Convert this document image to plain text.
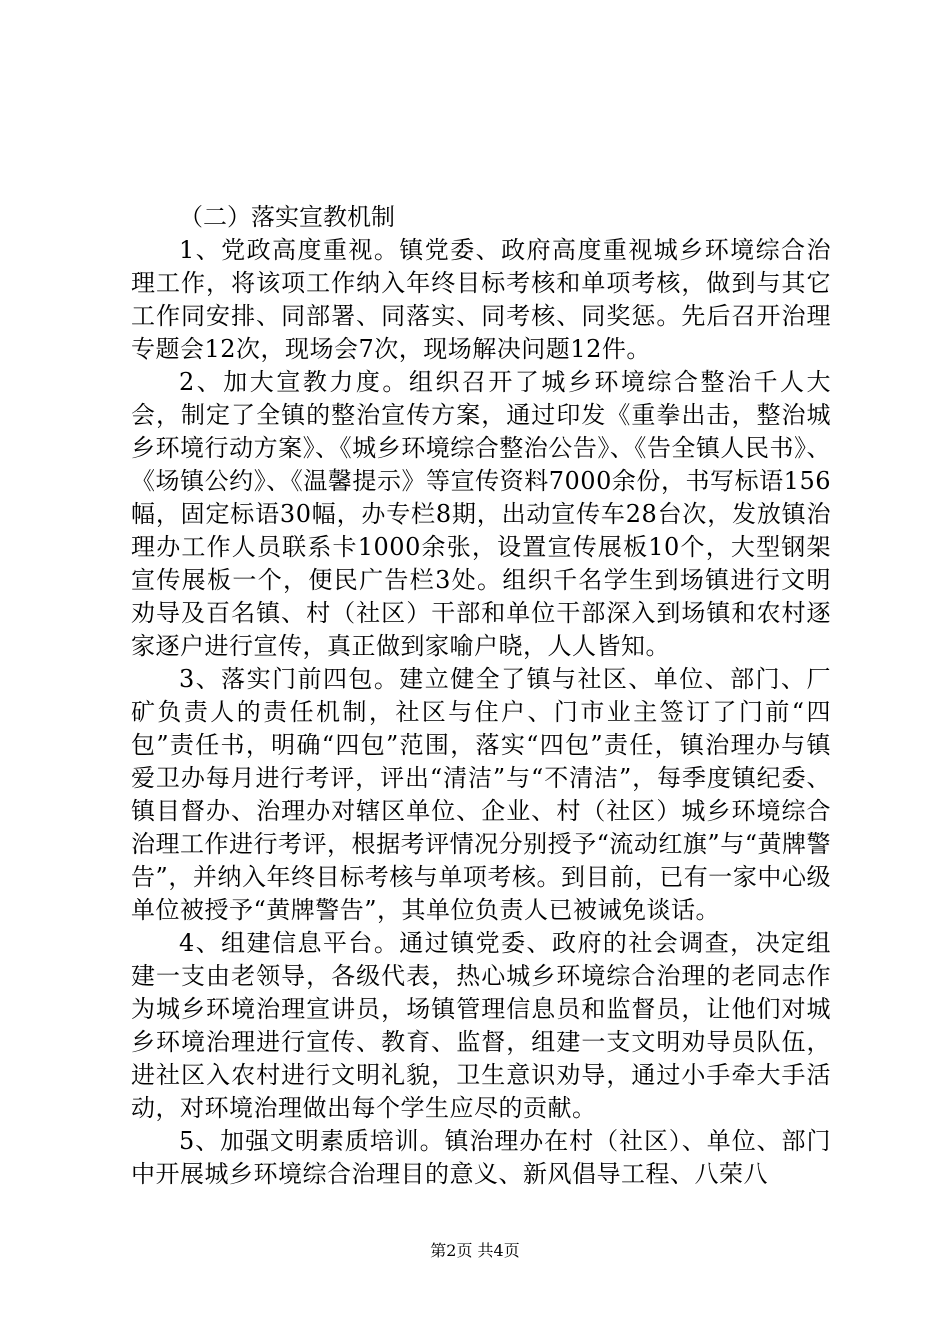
（二）落实宣教机制

1、党政高度重视。镇党委、政府高度重视城乡环境综合治理工作，将该项工作纳入年终目标考核和单项考核，做到与其它工作同安排、同部署、同落实、同考核、同奖惩。先后召开治理专题会12次，现场会7次，现场解决问题12件。

2、加大宣教力度。组织召开了城乡环境综合整治千人大会，制定了全镇的整治宣传方案，通过印发《重拳出击，整治城乡环境行动方案》、《城乡环境综合整治公告》、《告全镇人民书》、《场镇公约》、《温馨提示》等宣传资料7000余份，书写标语156幅，固定标语30幅，办专栏8期，出动宣传车28台次，发放镇治理办工作人员联系卡1000余张，设置宣传展板10个，大型钢架宣传展板一个，便民广告栏3处。组织千名学生到场镇进行文明劝导及百名镇、村（社区）干部和单位干部深入到场镇和农村逐家逐户进行宣传，真正做到家喻户晓，人人皆知。

3、落实门前四包。建立健全了镇与社区、单位、部门、厂矿负责人的责任机制，社区与住户、门市业主签订了门前“四包”责任书，明确“四包”范围，落实“四包”责任，镇治理办与镇爱卫办每月进行考评，评出“清洁”与“不清洁”，每季度镇纪委、镇目督办、治理办对辖区单位、企业、村（社区）城乡环境综合治理工作进行考评，根据考评情况分别授予“流动红旗”与“黄牌警告”，并纳入年终目标考核与单项考核。到目前，已有一家中心级单位被授予“黄牌警告”，其单位负责人已被诫免谈话。

4、组建信息平台。通过镇党委、政府的社会调查，决定组建一支由老领导，各级代表，热心城乡环境综合治理的老同志作为城乡环境治理宣讲员，场镇管理信息员和监督员，让他们对城乡环境治理进行宣传、教育、监督，组建一支文明劝导员队伍，进社区入农村进行文明礼貌，卫生意识劝导，通过小手牵大手活动，对环境治理做出每个学生应尽的贡献。

5、加强文明素质培训。镇治理办在村（社区）、单位、部门中开展城乡环境综合治理目的意义、新风倡导工程、八荣八

第2页 共4页
